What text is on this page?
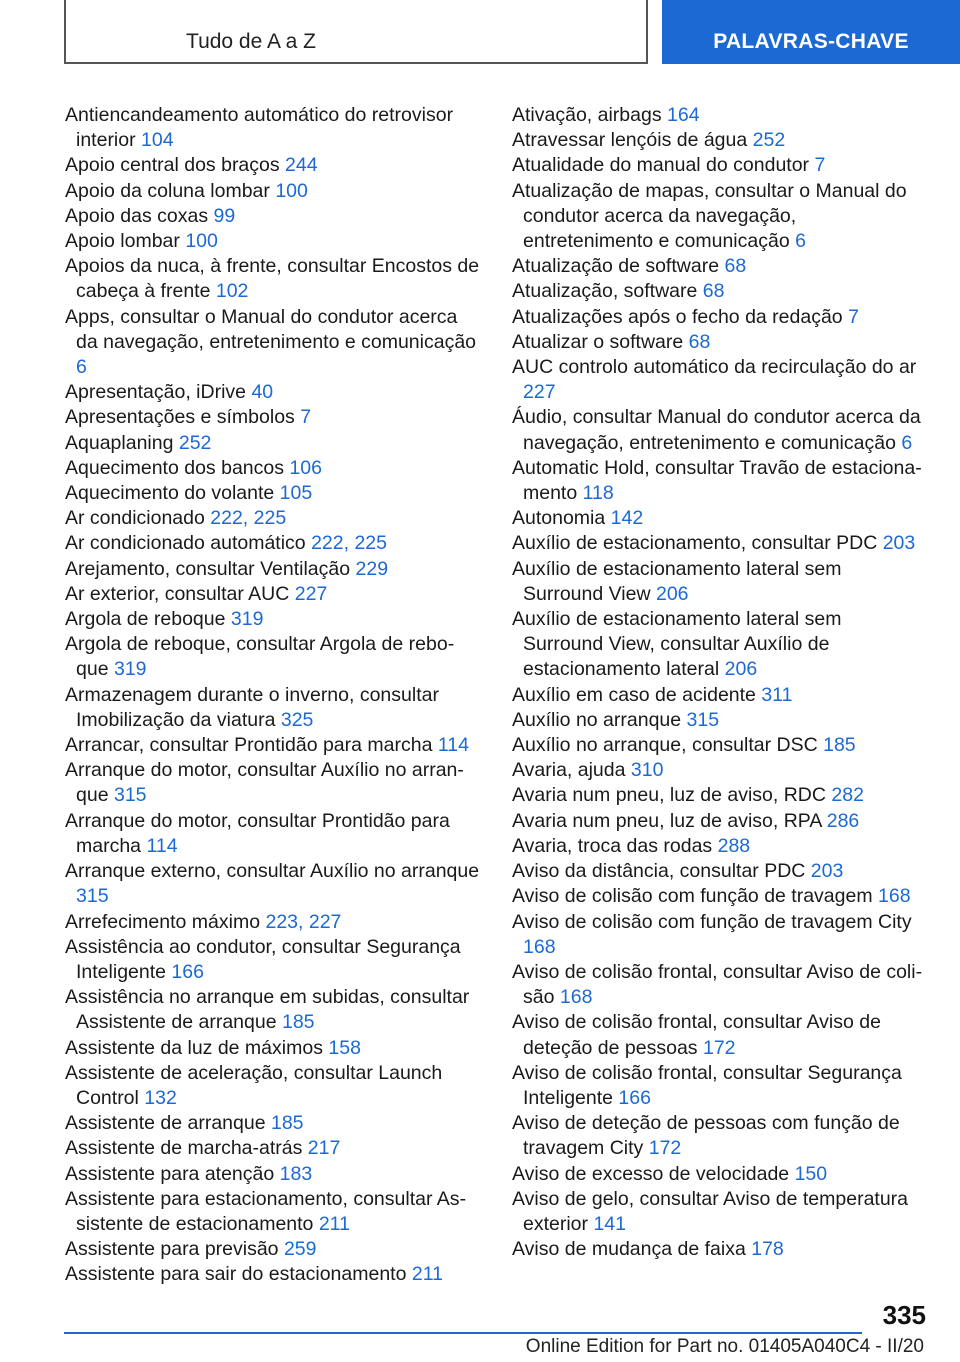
Tudo de A a Z	PALAVRAS-CHAVE

Antiencandeamento automático do retrovisor interior 104

Apoio central dos braços 244

Apoio da coluna lombar 100

Apoio das coxas 99

Apoio lombar 100

Apoios da nuca, à frente, consultar Encostos de cabeça à frente 102

Apps, consultar o Manual do condutor acerca da navegação, entretenimento e comunicação 6

Apresentação, iDrive 40

Apresentações e símbolos 7

Aquaplaning 252

Aquecimento dos bancos 106

Aquecimento do volante 105

Ar condicionado 222, 225

Ar condicionado automático 222, 225

Arejamento, consultar Ventilação 229

Ar exterior, consultar AUC 227

Argola de reboque 319

Argola de reboque, consultar Argola de reboque 319

Armazenagem durante o inverno, consultar Imobilização da viatura 325

Arrancar, consultar Prontidão para marcha 114

Arranque do motor, consultar Auxílio no arranque 315

Arranque do motor, consultar Prontidão para marcha 114

Arranque externo, consultar Auxílio no arranque 315

Arrefecimento máximo 223, 227

Assistência ao condutor, consultar Segurança Inteligente 166

Assistência no arranque em subidas, consultar Assistente de arranque 185

Assistente da luz de máximos 158

Assistente de aceleração, consultar Launch Control 132

Assistente de arranque 185

Assistente de marcha-atrás 217

Assistente para atenção 183

Assistente para estacionamento, consultar Assistente de estacionamento 211

Assistente para previsão 259

Assistente para sair do estacionamento 211

Ativação, airbags 164

Atravessar lençóis de água 252

Atualidade do manual do condutor 7

Atualização de mapas, consultar o Manual do condutor acerca da navegação, entretenimento e comunicação 6

Atualização de software 68

Atualização, software 68

Atualizações após o fecho da redação 7

Atualizar o software 68

AUC controlo automático da recirculação do ar 227

Áudio, consultar Manual do condutor acerca da navegação, entretenimento e comunicação 6

Automatic Hold, consultar Travão de estacionamento 118

Autonomia 142

Auxílio de estacionamento, consultar PDC 203

Auxílio de estacionamento lateral sem Surround View 206

Auxílio de estacionamento lateral sem Surround View, consultar Auxílio de estacionamento lateral 206

Auxílio em caso de acidente 311

Auxílio no arranque 315

Auxílio no arranque, consultar DSC 185

Avaria, ajuda 310

Avaria num pneu, luz de aviso, RDC 282

Avaria num pneu, luz de aviso, RPA 286

Avaria, troca das rodas 288

Aviso da distância, consultar PDC 203

Aviso de colisão com função de travagem 168

Aviso de colisão com função de travagem City 168

Aviso de colisão frontal, consultar Aviso de colisão 168

Aviso de colisão frontal, consultar Aviso de deteção de pessoas 172

Aviso de colisão frontal, consultar Segurança Inteligente 166

Aviso de deteção de pessoas com função de travagem City 172

Aviso de excesso de velocidade 150

Aviso de gelo, consultar Aviso de temperatura exterior 141

Aviso de mudança de faixa 178

335
Online Edition for Part no. 01405A040C4 - II/20
